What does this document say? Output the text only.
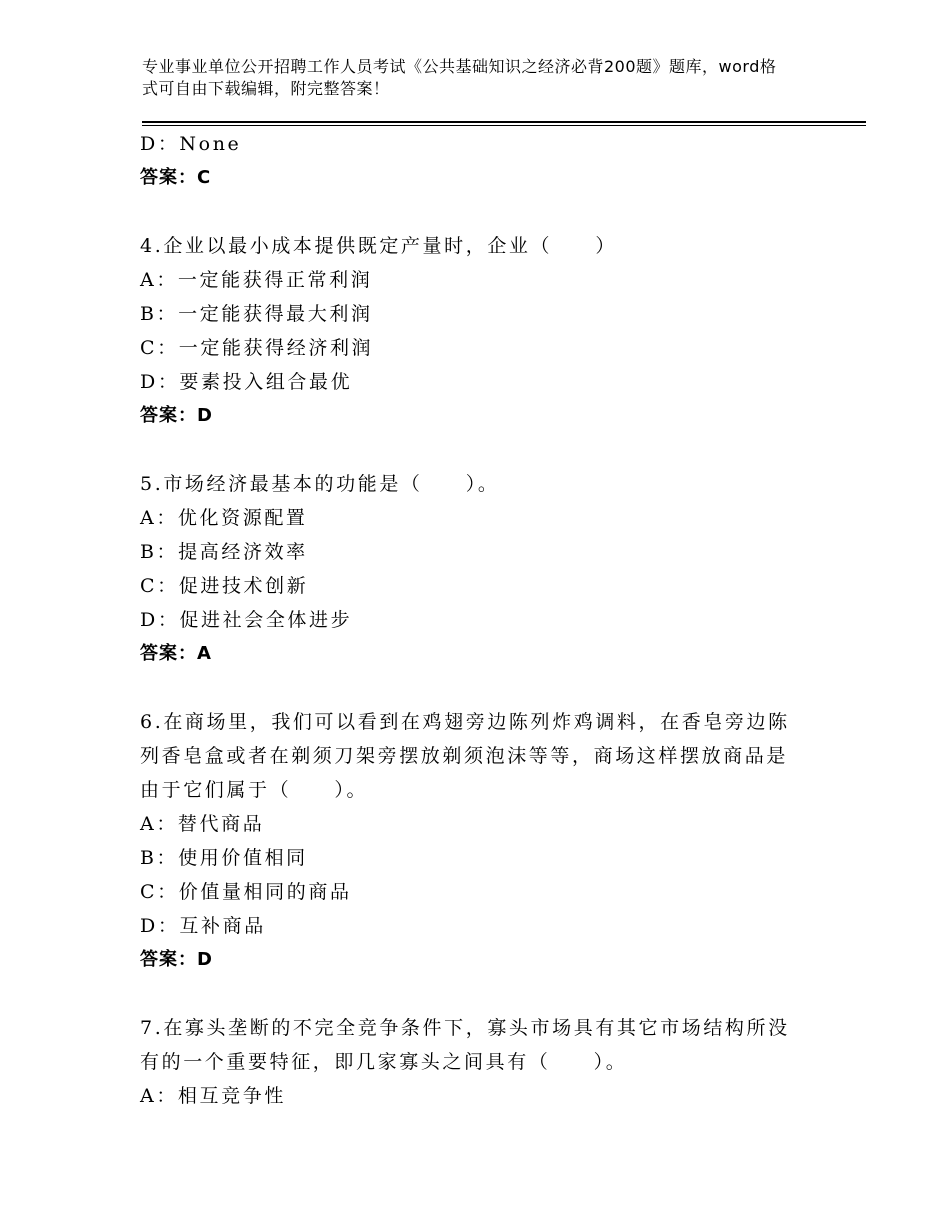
专业事业单位公开招聘工作人员考试《公共基础知识之经济必背200题》题库，word格式可自由下载编辑，附完整答案！
D：None
答案：C
4.企业以最小成本提供既定产量时，企业（　　）
A：一定能获得正常利润
B：一定能获得最大利润
C：一定能获得经济利润
D：要素投入组合最优
答案：D
5.市场经济最基本的功能是（　　）。
A：优化资源配置
B：提高经济效率
C：促进技术创新
D：促进社会全体进步
答案：A
6.在商场里，我们可以看到在鸡翅旁边陈列炸鸡调料，在香皂旁边陈列香皂盒或者在剃须刀架旁摆放剃须泡沫等等，商场这样摆放商品是由于它们属于（　　）。
A：替代商品
B：使用价值相同
C：价值量相同的商品
D：互补商品
答案：D
7.在寡头垄断的不完全竞争条件下，寡头市场具有其它市场结构所没有的一个重要特征，即几家寡头之间具有（　　）。
A：相互竞争性
